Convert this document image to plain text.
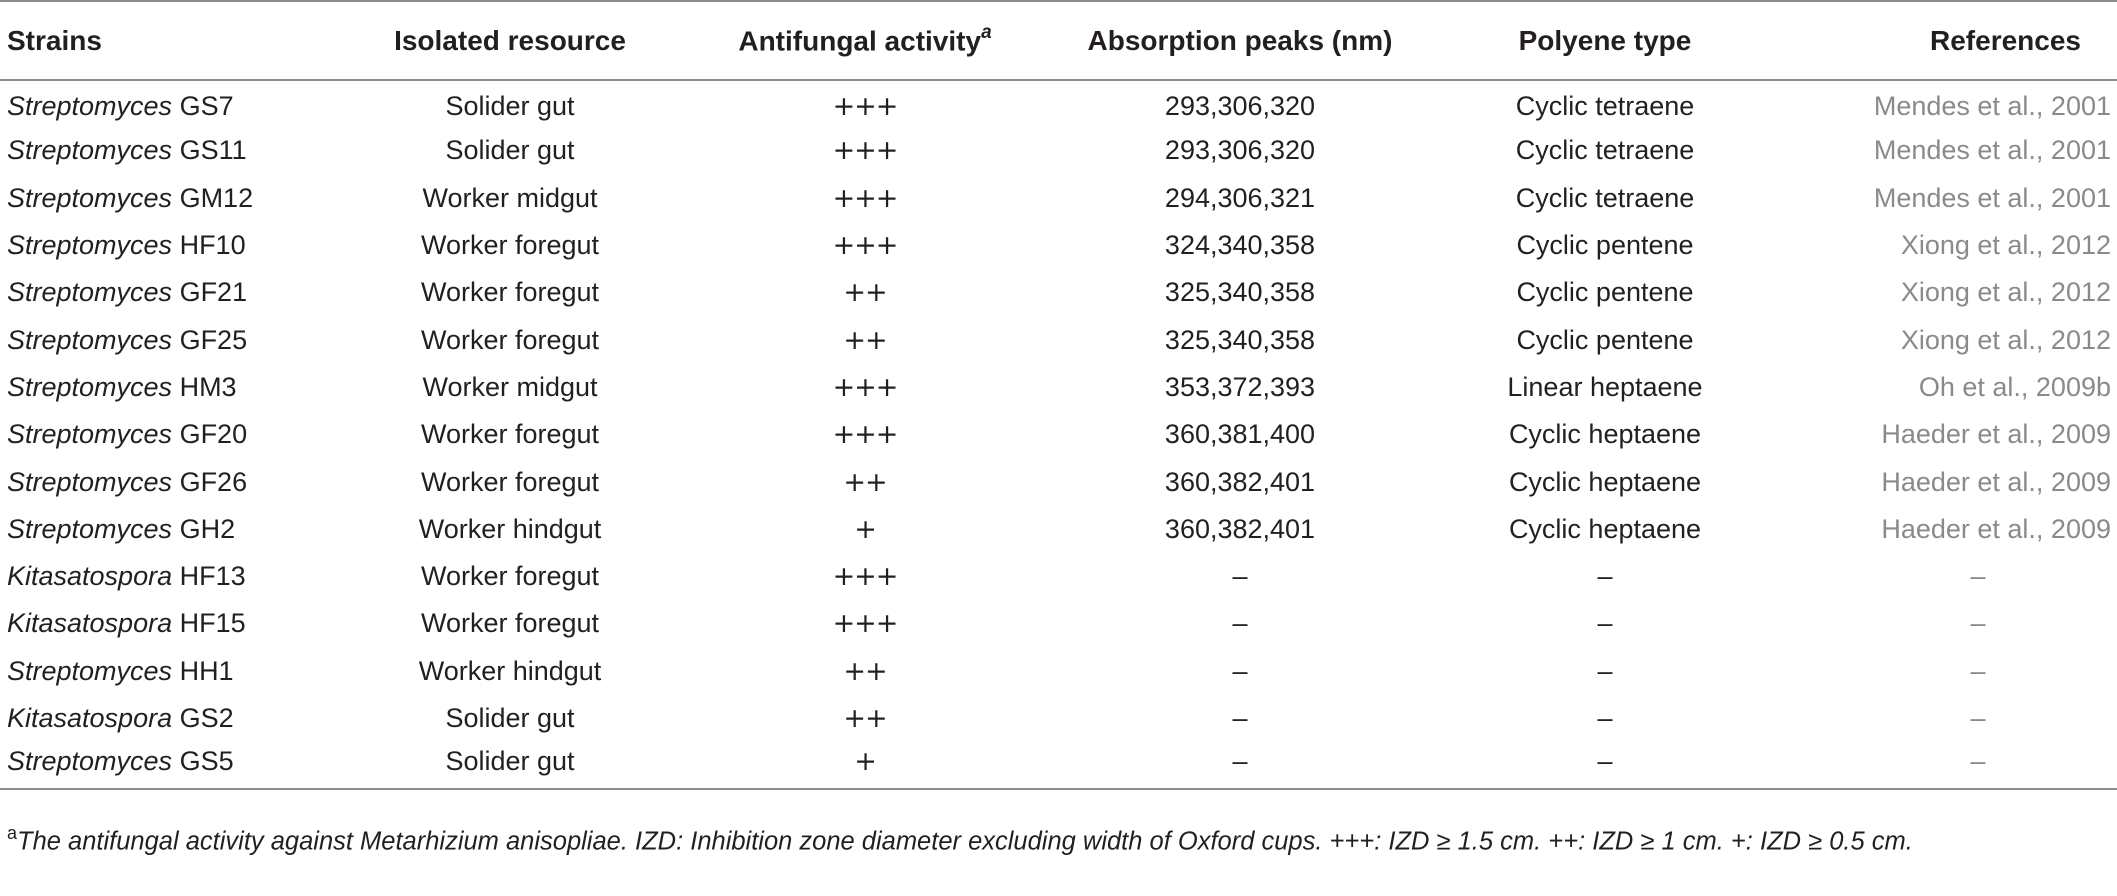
Strains	Isolated resource	Antifungal activity$^a$	Absorption peaks (nm)	Polyene type	References
Streptomyces GS7	Solider gut	+++	293,306,320	Cyclic tetraene	Mendes et al., 2001
Streptomyces GS11	Solider gut	+++	293,306,320	Cyclic tetraene	Mendes et al., 2001
Streptomyces GM12	Worker midgut	+++	294,306,321	Cyclic tetraene	Mendes et al., 2001
Streptomyces HF10	Worker foregut	+++	324,340,358	Cyclic pentene	Xiong et al., 2012
Streptomyces GF21	Worker foregut	++	325,340,358	Cyclic pentene	Xiong et al., 2012
Streptomyces GF25	Worker foregut	++	325,340,358	Cyclic pentene	Xiong et al., 2012
Streptomyces HM3	Worker midgut	+++	353,372,393	Linear heptaene	Oh et al., 2009b
Streptomyces GF20	Worker foregut	+++	360,381,400	Cyclic heptaene	Haeder et al., 2009
Streptomyces GF26	Worker foregut	++	360,382,401	Cyclic heptaene	Haeder et al., 2009
Streptomyces GH2	Worker hindgut	+	360,382,401	Cyclic heptaene	Haeder et al., 2009
Kitasatospora HF13	Worker foregut	+++	–	–	–
Kitasatospora HF15	Worker foregut	+++	–	–	–
Streptomyces HH1	Worker hindgut	++	–	–	–
Kitasatospora GS2	Solider gut	++	–	–	–
Streptomyces GS5	Solider gut	+	–	–	–
$^a$The antifungal activity against Metarhizium anisopliae. IZD: Inhibition zone diameter excluding width of Oxford cups. +++: IZD ≥ 1.5 cm. ++: IZD ≥ 1 cm. +: IZD ≥ 0.5 cm.
